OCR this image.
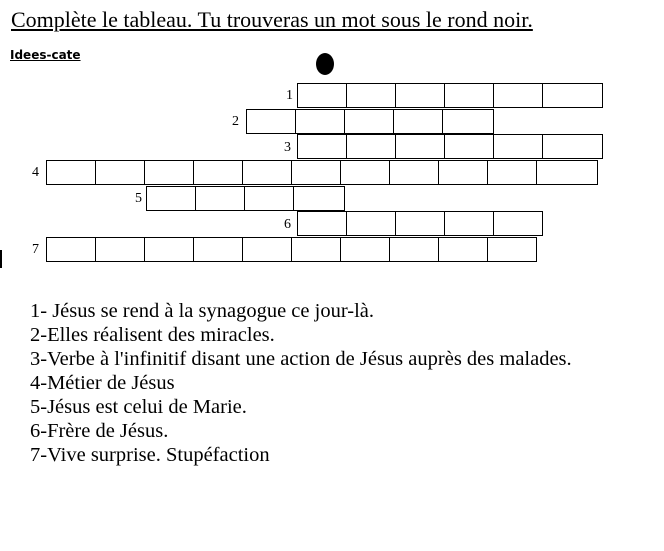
Complète le tableau. Tu trouveras un mot sous le rond noir.
Idees-cate
1
2
3
4
5
6
7
1- Jésus se rend à la synagogue ce jour-là.
2-Elles réalisent des miracles.
3-Verbe à l'infinitif disant une action de Jésus auprès des malades.
4-Métier de Jésus
5-Jésus est celui de Marie.
6-Frère de Jésus.
7-Vive surprise. Stupéfaction
